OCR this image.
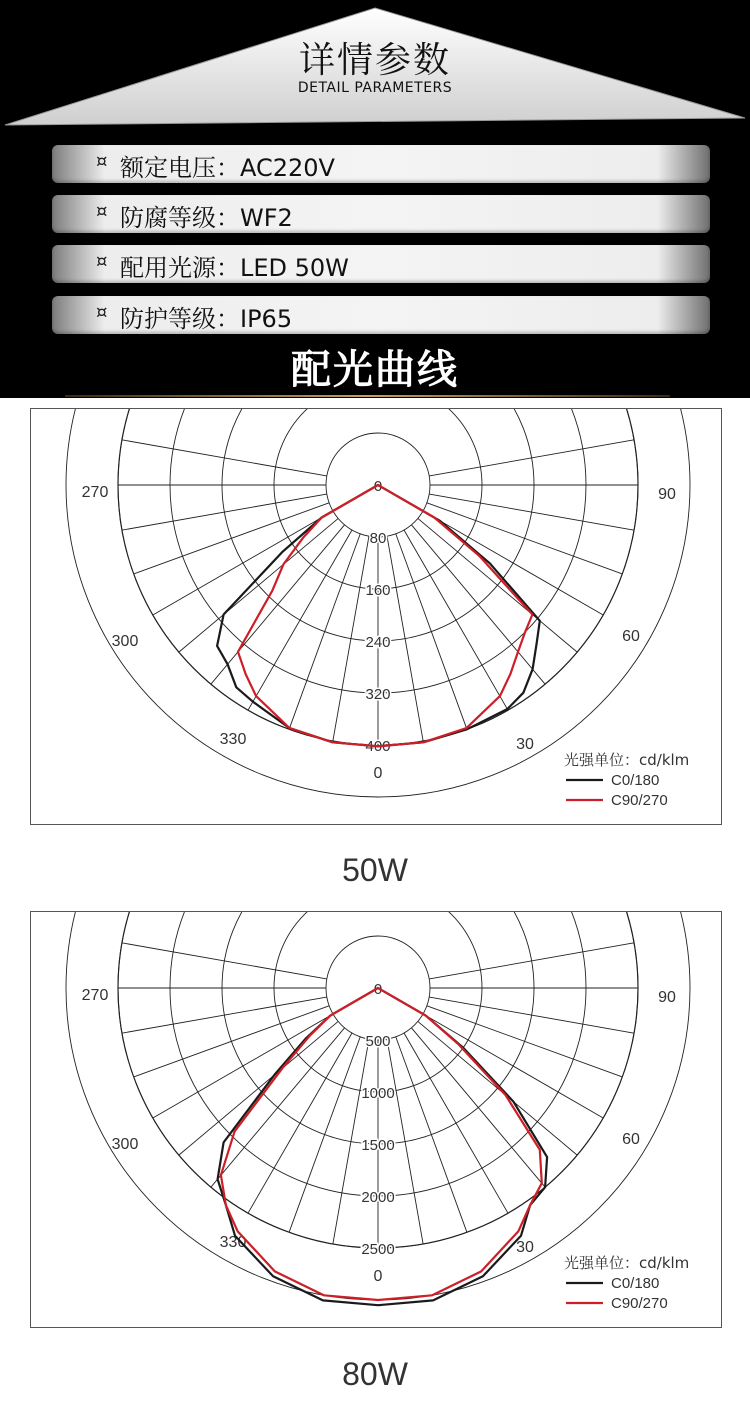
详情参数
DETAIL PARAMETERS
¤ 额定电压：AC220V
¤ 防腐等级：WF2
¤ 配用光源：LED 50W
¤ 防护等级：IP65
配光曲线
0
80
160
240
320
400
270
300
330
90
60
30
0
光强单位：cd/klm
C0/180
C90/270
50W
0
500
1000
1500
2000
2500
270
300
330
90
60
30
0
光强单位：cd/klm
C0/180
C90/270
80W
